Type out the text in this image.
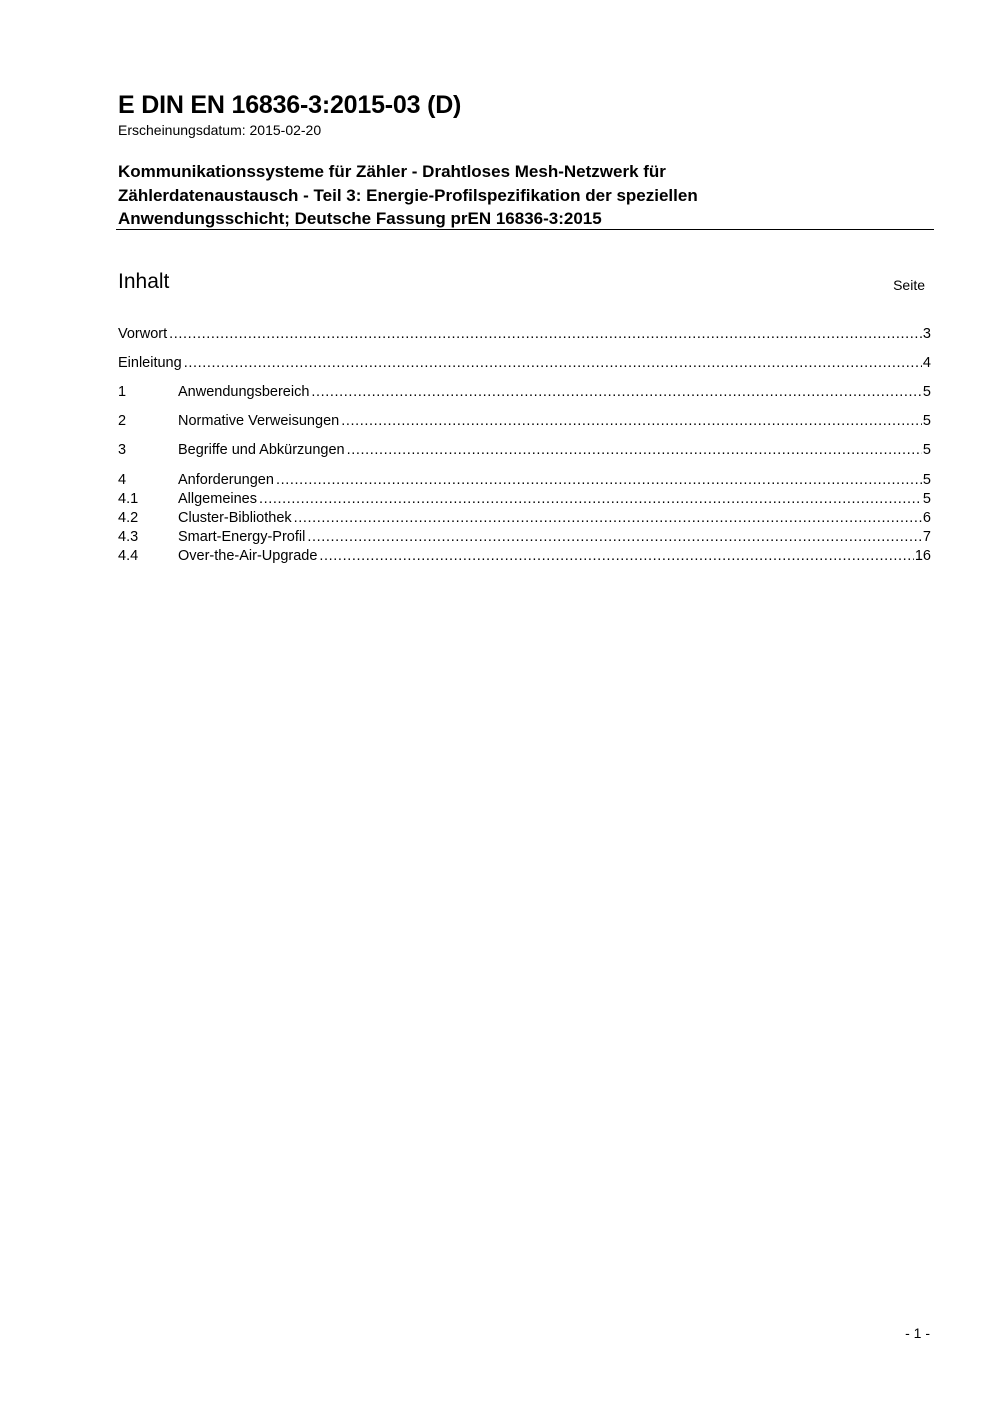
E DIN EN 16836-3:2015-03 (D)
Erscheinungsdatum: 2015-02-20
Kommunikationssysteme für Zähler - Drahtloses Mesh-Netzwerk für
Zählerdatenaustausch - Teil 3: Energie-Profilspezifikation der speziellen
Anwendungsschicht; Deutsche Fassung prEN 16836-3:2015
Inhalt	Seite
Vorwort .....	3
Einleitung .....	4
1	Anwendungsbereich .....	5
2	Normative Verweisungen .....	5
3	Begriffe und Abkürzungen .....	5
4	Anforderungen .....	5
4.1	Allgemeines .....	5
4.2	Cluster-Bibliothek .....	6
4.3	Smart-Energy-Profil .....	7
4.4	Over-the-Air-Upgrade .....	16
- 1 -
